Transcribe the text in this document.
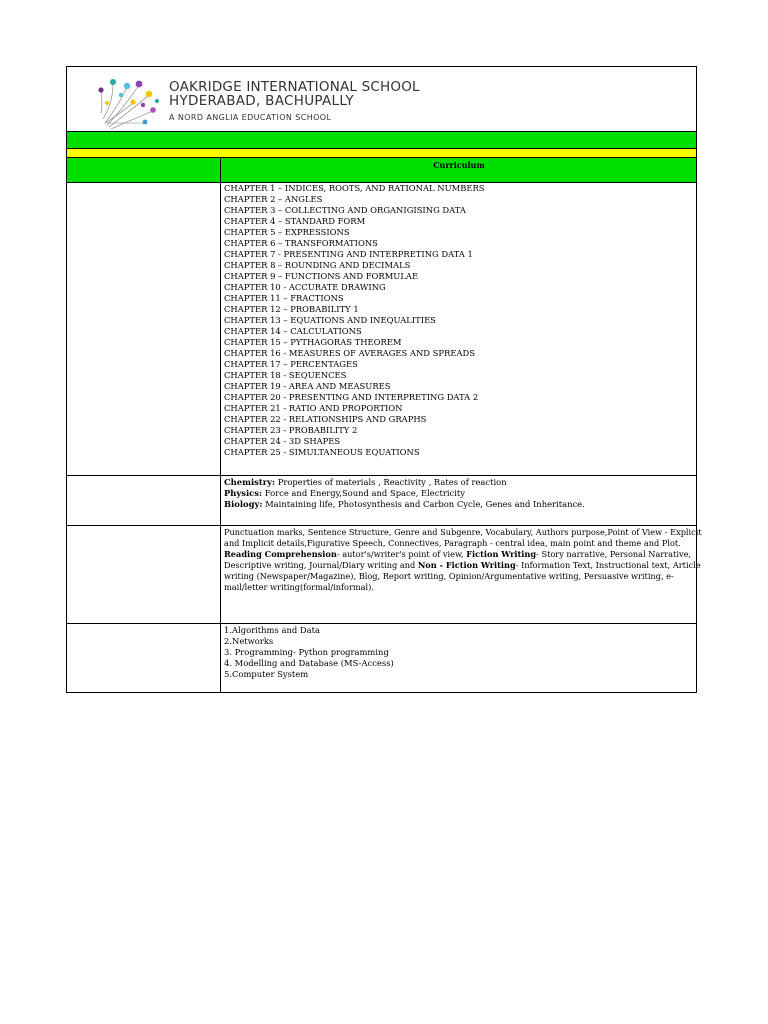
OAKRIDGE INTERNATIONAL SCHOOL
HYDERABAD, BACHUPALLY
A NORD ANGLIA EDUCATION SCHOOL
Curriculum
CHAPTER 1 – INDICES, ROOTS, AND RATIONAL NUMBERS
CHAPTER 2 – ANGLES
CHAPTER 3 – COLLECTING AND ORGANIGISING DATA
CHAPTER 4 – STANDARD FORM
CHAPTER 5 – EXPRESSIONS
CHAPTER 6 – TRANSFORMATIONS
CHAPTER 7 - PRESENTING AND INTERPRETING DATA 1
CHAPTER 8 – ROUNDING AND DECIMALS
CHAPTER 9 – FUNCTIONS AND FORMULAE
CHAPTER 10 - ACCURATE DRAWING
CHAPTER 11 – FRACTIONS
CHAPTER 12 – PROBABILITY 1
CHAPTER 13 – EQUATIONS AND INEQUALITIES
CHAPTER 14 – CALCULATIONS
CHAPTER 15 – PYTHAGORAS THEOREM
CHAPTER 16 - MEASURES OF AVERAGES AND SPREADS
CHAPTER 17 – PERCENTAGES
CHAPTER 18 - SEQUENCES
CHAPTER 19 - AREA AND MEASURES
CHAPTER 20 - PRESENTING AND INTERPRETING DATA 2
CHAPTER 21 - RATIO AND PROPORTION
CHAPTER 22 - RELATIONSHIPS AND GRAPHS
CHAPTER 23 - PROBABILITY 2
CHAPTER 24 - 3D SHAPES
CHAPTER 25 - SIMULTANEOUS EQUATIONS
Chemistry: Properties of materials , Reactivity , Rates of reaction
Physics: Force and Energy,Sound and Space, Electricity
Biology: Maintaining life, Photosynthesis and Carbon Cycle, Genes and Inheritance.
Punctuation marks, Sentence Structure, Genre and Subgenre, Vocabulary, Authors purpose,Point of View - Explicit
and Implicit details,Figurative Speech, Connectives, Paragraph - central idea, main point and theme and Plot.
Reading Comprehension- autor's/writer's point of view, Fiction Writing- Story narrative, Personal Narrative,
Descriptive writing, Journal/Diary writing and Non - Fiction Writing- Information Text, Instructional text, Article
writing (Newspaper/Magazine), Blog, Report writing, Opinion/Argumentative writing, Persuasive writing, e-
mail/letter writing(formal/informal).
1.Algorithms and Data
2.Networks
3. Programming- Python programming
4. Modelling and Database (MS-Access)
5.Computer System
